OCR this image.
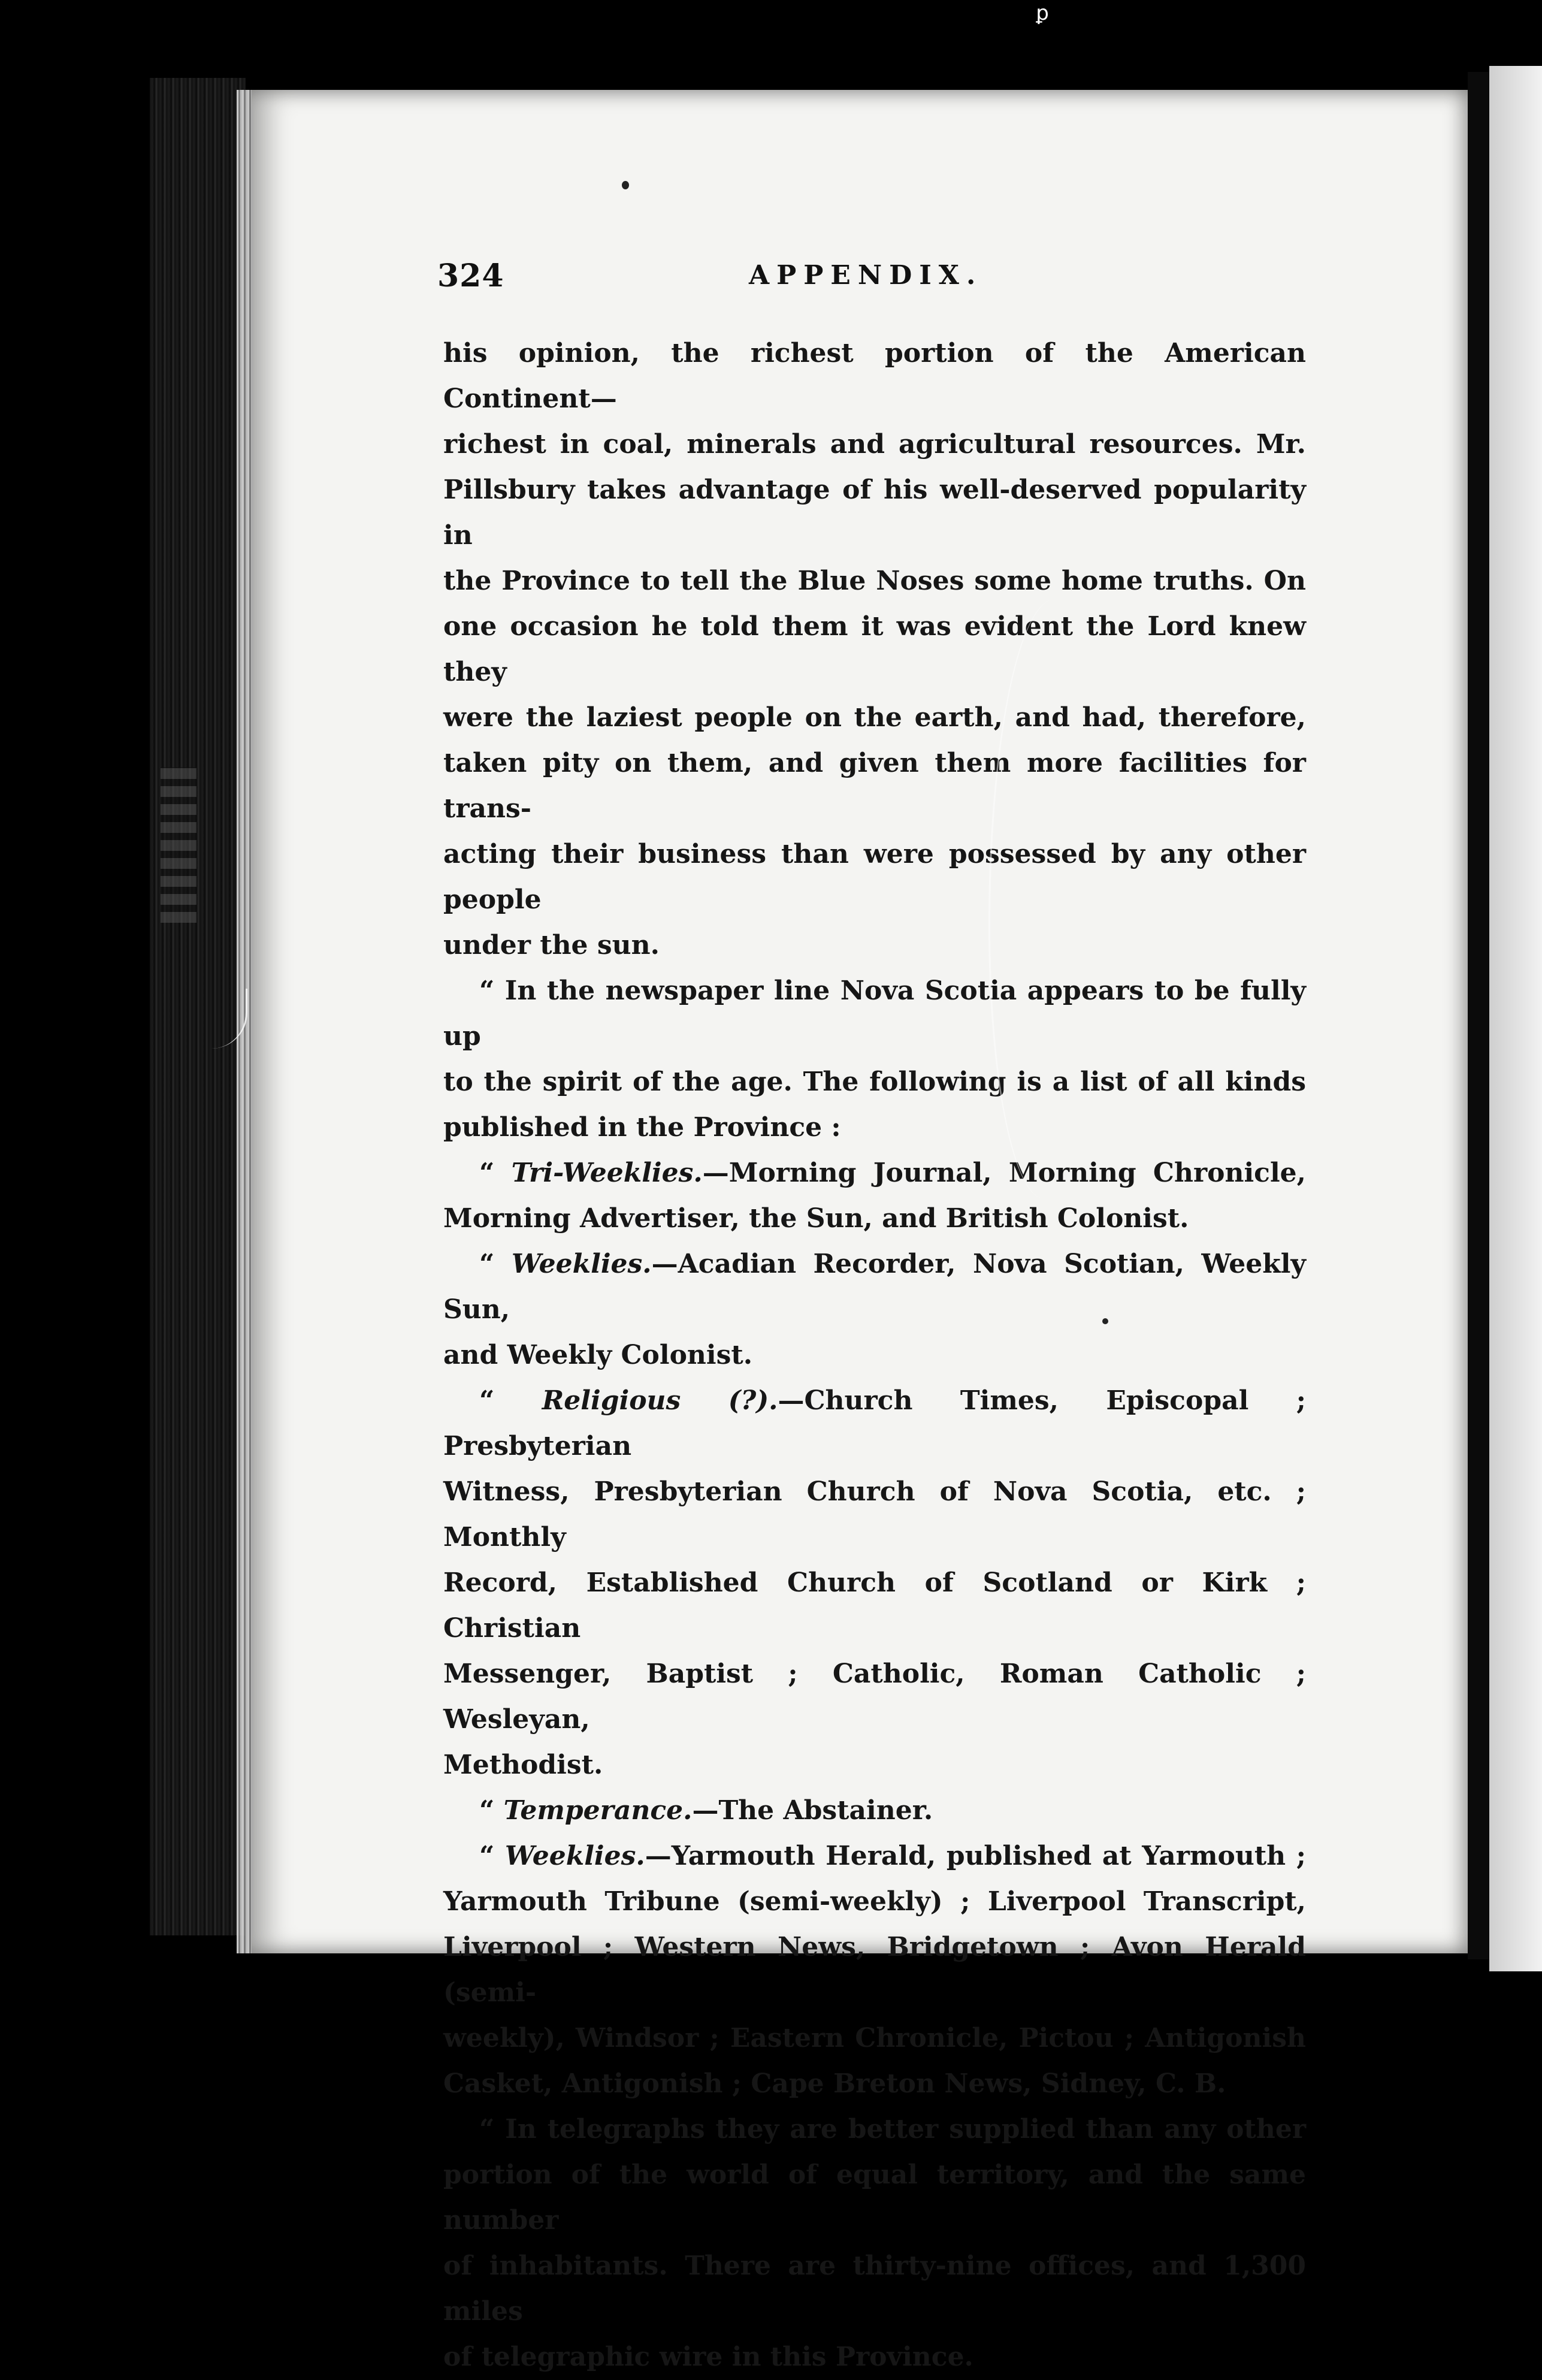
ꝑ
324	APPENDIX.

his opinion, the richest portion of the American Continent—
richest in coal, minerals and agricultural resources. Mr.
Pillsbury takes advantage of his well-deserved popularity in
the Province to tell the Blue Noses some home truths. On
one occasion he told them it was evident the Lord knew they
were the laziest people on the earth, and had, therefore,
taken pity on them, and given them more facilities for trans-
acting their business than were possessed by any other people
under the sun.

“ In the newspaper line Nova Scotia appears to be fully up
to the spirit of the age. The following is a list of all kinds
published in the Province :

“ Tri-Weeklies.—Morning Journal, Morning Chronicle,
Morning Advertiser, the Sun, and British Colonist.

“ Weeklies.—Acadian Recorder, Nova Scotian, Weekly Sun,
and Weekly Colonist.

“ Religious (?).—Church Times, Episcopal ; Presbyterian
Witness, Presbyterian Church of Nova Scotia, etc. ; Monthly
Record, Established Church of Scotland or Kirk ; Christian
Messenger, Baptist ; Catholic, Roman Catholic ; Wesleyan,
Methodist.

“ Temperance.—The Abstainer.

“ Weeklies.—Yarmouth Herald, published at Yarmouth ;
Yarmouth Tribune (semi-weekly) ; Liverpool Transcript,
Liverpool ; Western News, Bridgetown ; Avon Herald (semi-
weekly), Windsor ; Eastern Chronicle, Pictou ; Antigonish
Casket, Antigonish ; Cape Breton News, Sidney, C. B.

“ In telegraphs they are better supplied than any other
portion of the world of equal territory, and the same number
of inhabitants. There are thirty-nine offices, and 1,300 miles
of telegraphic wire in this Province.
